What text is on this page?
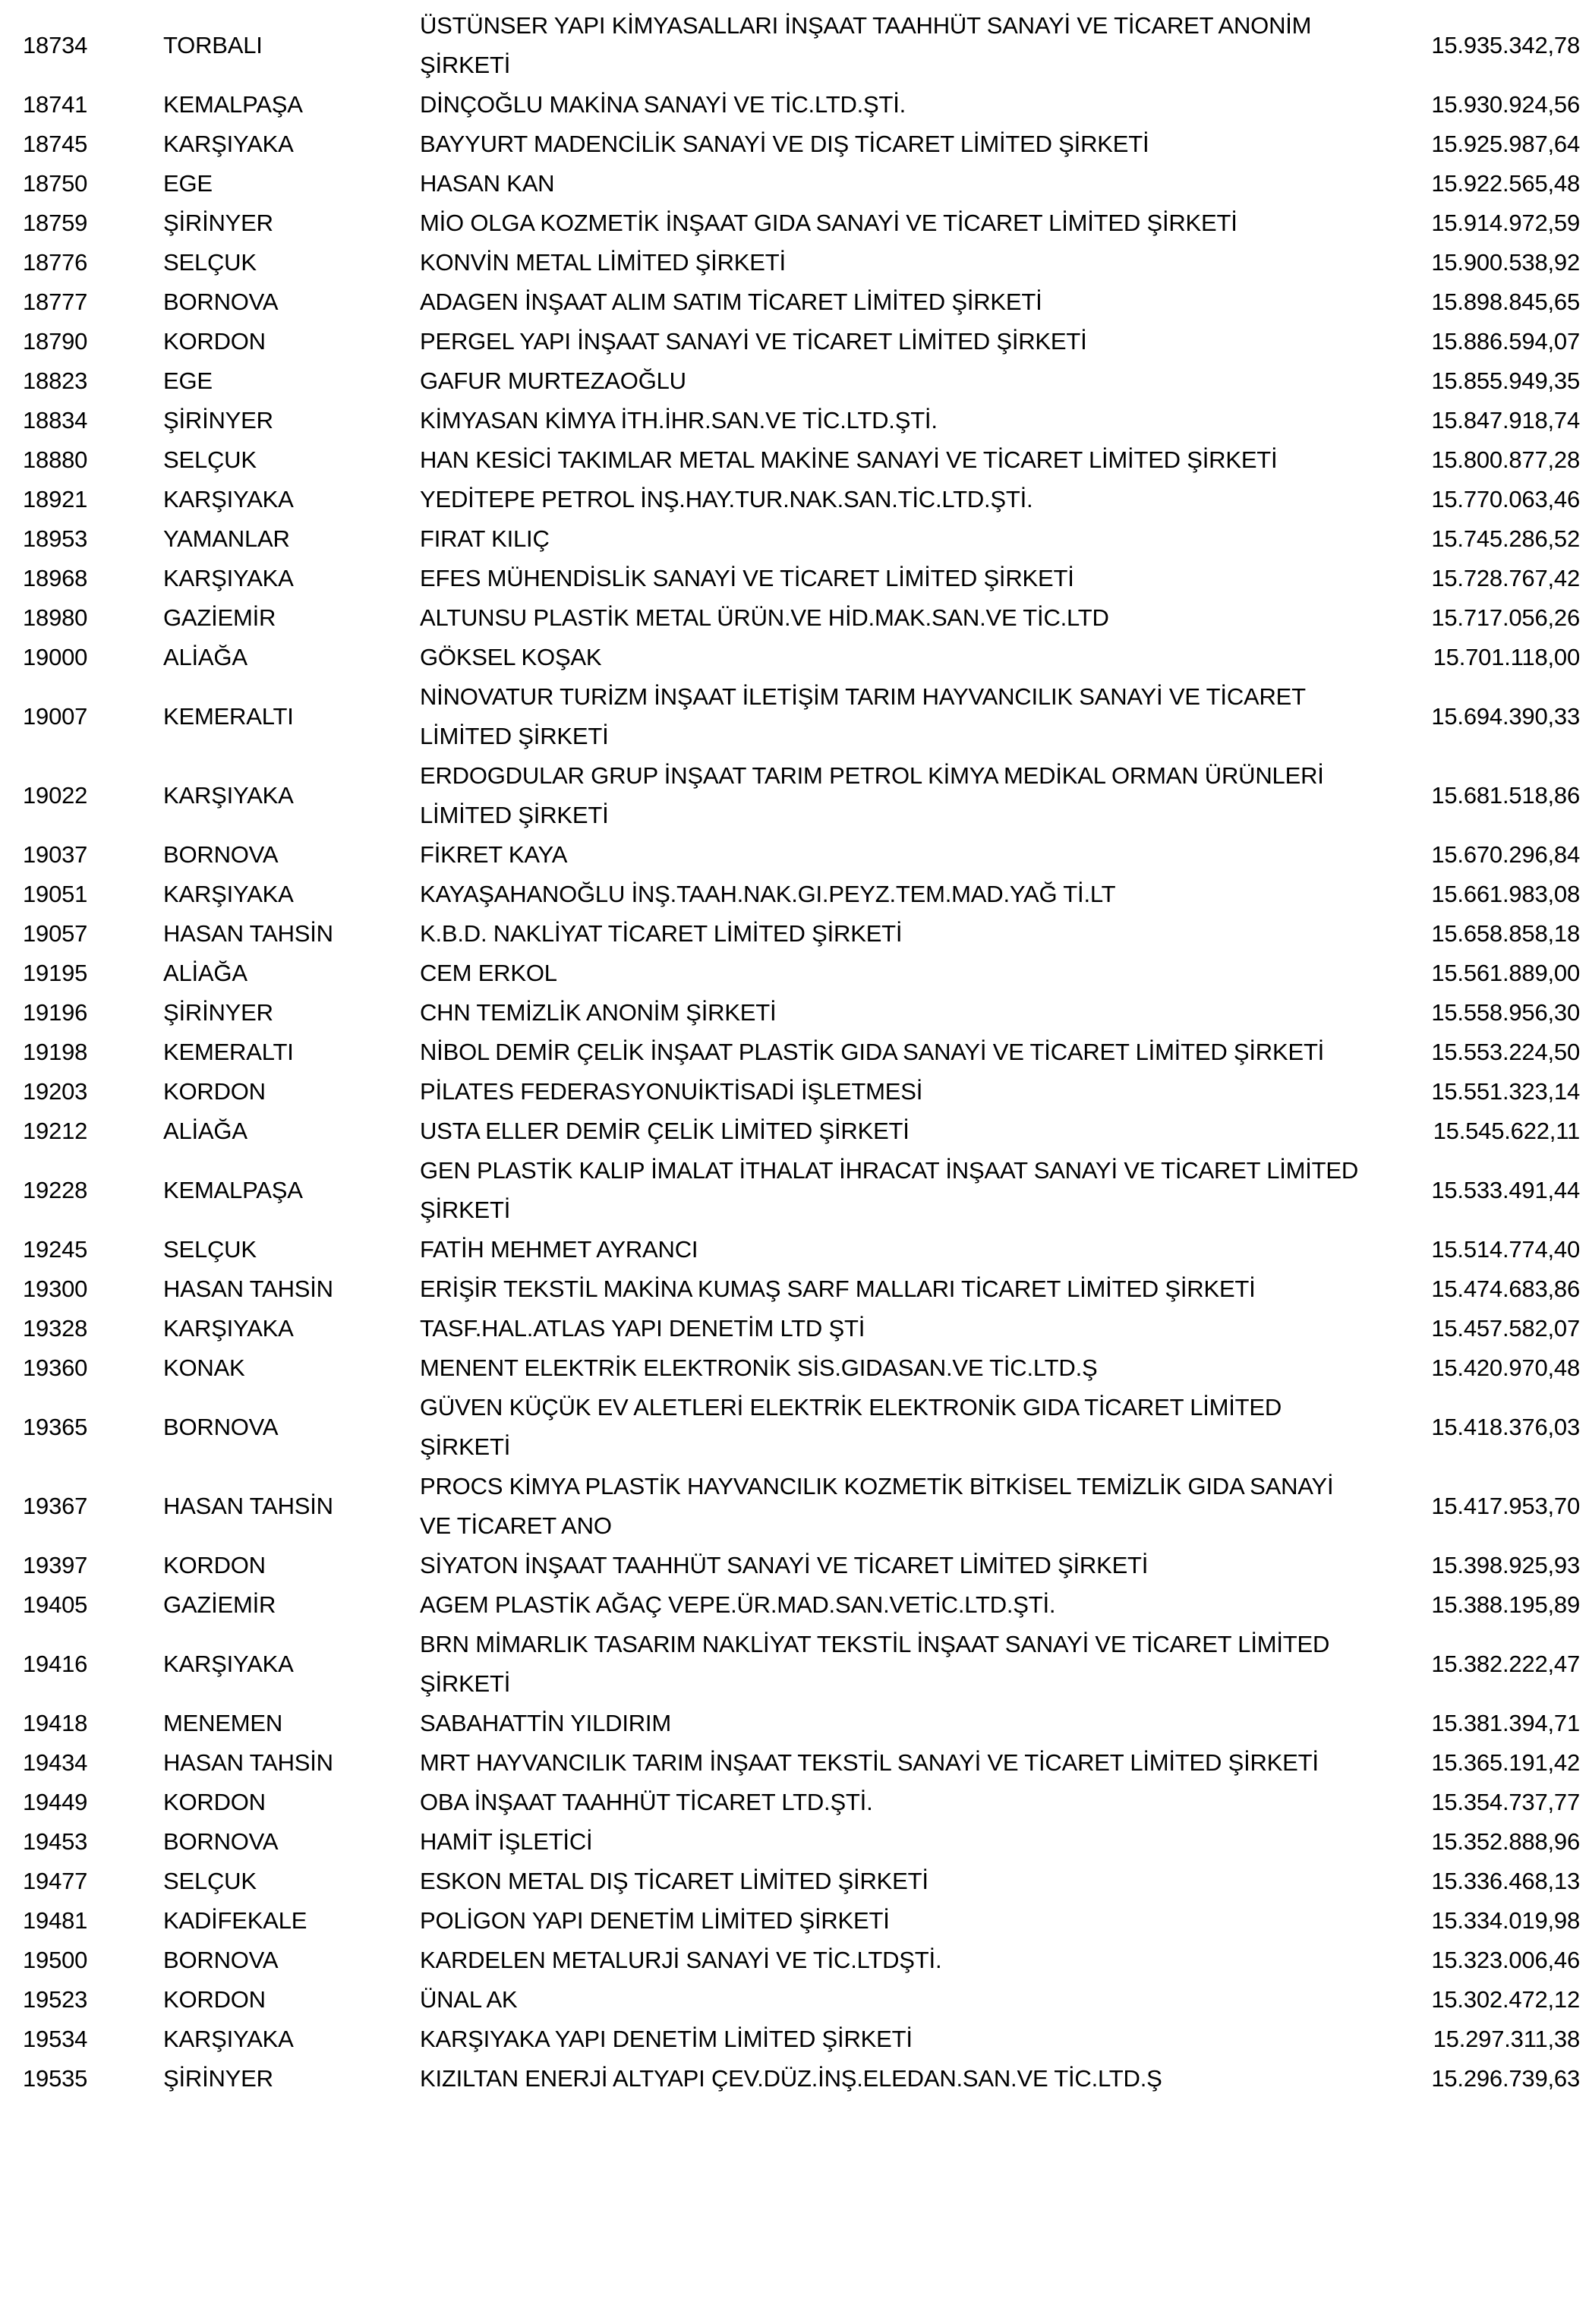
18734	TORBALI	ÜSTÜNSER YAPI KİMYASALLARI İNŞAAT TAAHHÜT SANAYİ VE TİCARET ANONİM ŞİRKETİ	15.935.342,78
18741	KEMALPAŞA	DİNÇOĞLU MAKİNA SANAYİ VE TİC.LTD.ŞTİ.	15.930.924,56
18745	KARŞIYAKA	BAYYURT MADENCİLİK SANAYİ VE DIŞ TİCARET LİMİTED ŞİRKETİ	15.925.987,64
18750	EGE	HASAN KAN	15.922.565,48
18759	ŞİRİNYER	MİO OLGA KOZMETİK İNŞAAT GIDA SANAYİ VE TİCARET LİMİTED ŞİRKETİ	15.914.972,59
18776	SELÇUK	KONVİN METAL LİMİTED ŞİRKETİ	15.900.538,92
18777	BORNOVA	ADAGEN İNŞAAT ALIM SATIM TİCARET LİMİTED ŞİRKETİ	15.898.845,65
18790	KORDON	PERGEL YAPI İNŞAAT SANAYİ VE TİCARET LİMİTED ŞİRKETİ	15.886.594,07
18823	EGE	GAFUR MURTEZAOĞLU	15.855.949,35
18834	ŞİRİNYER	KİMYASAN KİMYA İTH.İHR.SAN.VE TİC.LTD.ŞTİ.	15.847.918,74
18880	SELÇUK	HAN KESİCİ TAKIMLAR METAL MAKİNE SANAYİ VE TİCARET LİMİTED ŞİRKETİ	15.800.877,28
18921	KARŞIYAKA	YEDİTEPE PETROL İNŞ.HAY.TUR.NAK.SAN.TİC.LTD.ŞTİ.	15.770.063,46
18953	YAMANLAR	FIRAT KILIÇ	15.745.286,52
18968	KARŞIYAKA	EFES MÜHENDİSLİK SANAYİ VE TİCARET LİMİTED ŞİRKETİ	15.728.767,42
18980	GAZİEMİR	ALTUNSU PLASTİK METAL ÜRÜN.VE HİD.MAK.SAN.VE TİC.LTD	15.717.056,26
19000	ALİAĞA	GÖKSEL KOŞAK	15.701.118,00
19007	KEMERALTI	NİNOVATUR TURİZM İNŞAAT İLETİŞİM TARIM HAYVANCILIK SANAYİ VE TİCARET LİMİTED ŞİRKETİ	15.694.390,33
19022	KARŞIYAKA	ERDOGDULAR GRUP İNŞAAT TARIM PETROL KİMYA MEDİKAL ORMAN ÜRÜNLERİ LİMİTED ŞİRKETİ	15.681.518,86
19037	BORNOVA	FİKRET KAYA	15.670.296,84
19051	KARŞIYAKA	KAYAŞAHANOĞLU İNŞ.TAAH.NAK.GI.PEYZ.TEM.MAD.YAĞ Tİ.LT	15.661.983,08
19057	HASAN TAHSİN	K.B.D. NAKLİYAT TİCARET LİMİTED ŞİRKETİ	15.658.858,18
19195	ALİAĞA	CEM ERKOL	15.561.889,00
19196	ŞİRİNYER	CHN TEMİZLİK ANONİM ŞİRKETİ	15.558.956,30
19198	KEMERALTI	NİBOL DEMİR ÇELİK İNŞAAT PLASTİK GIDA SANAYİ VE TİCARET LİMİTED ŞİRKETİ	15.553.224,50
19203	KORDON	PİLATES FEDERASYONUİKTİSADİ İŞLETMESİ	15.551.323,14
19212	ALİAĞA	USTA ELLER DEMİR ÇELİK LİMİTED ŞİRKETİ	15.545.622,11
19228	KEMALPAŞA	GEN PLASTİK KALIP İMALAT İTHALAT İHRACAT İNŞAAT SANAYİ VE TİCARET LİMİTED ŞİRKETİ	15.533.491,44
19245	SELÇUK	FATİH MEHMET AYRANCI	15.514.774,40
19300	HASAN TAHSİN	ERİŞİR TEKSTİL MAKİNA KUMAŞ SARF MALLARI TİCARET LİMİTED ŞİRKETİ	15.474.683,86
19328	KARŞIYAKA	TASF.HAL.ATLAS YAPI DENETİM LTD ŞTİ	15.457.582,07
19360	KONAK	MENENT ELEKTRİK ELEKTRONİK SİS.GIDASAN.VE TİC.LTD.Ş	15.420.970,48
19365	BORNOVA	GÜVEN KÜÇÜK EV ALETLERİ ELEKTRİK ELEKTRONİK GIDA TİCARET LİMİTED ŞİRKETİ	15.418.376,03
19367	HASAN TAHSİN	PROCS KİMYA PLASTİK HAYVANCILIK KOZMETİK BİTKİSEL TEMİZLİK GIDA SANAYİ VE TİCARET ANO	15.417.953,70
19397	KORDON	SİYATON İNŞAAT TAAHHÜT SANAYİ VE TİCARET LİMİTED ŞİRKETİ	15.398.925,93
19405	GAZİEMİR	AGEM PLASTİK AĞAÇ VEPE.ÜR.MAD.SAN.VETİC.LTD.ŞTİ.	15.388.195,89
19416	KARŞIYAKA	BRN MİMARLIK TASARIM NAKLİYAT TEKSTİL İNŞAAT SANAYİ VE TİCARET LİMİTED ŞİRKETİ	15.382.222,47
19418	MENEMEN	SABAHATTİN YILDIRIM	15.381.394,71
19434	HASAN TAHSİN	MRT HAYVANCILIK TARIM İNŞAAT TEKSTİL SANAYİ VE TİCARET LİMİTED ŞİRKETİ	15.365.191,42
19449	KORDON	OBA İNŞAAT TAAHHÜT TİCARET LTD.ŞTİ.	15.354.737,77
19453	BORNOVA	HAMİT İŞLETİCİ	15.352.888,96
19477	SELÇUK	ESKON METAL DIŞ TİCARET LİMİTED ŞİRKETİ	15.336.468,13
19481	KADİFEKALE	POLİGON YAPI DENETİM LİMİTED ŞİRKETİ	15.334.019,98
19500	BORNOVA	KARDELEN METALURJİ SANAYİ VE TİC.LTDŞTİ.	15.323.006,46
19523	KORDON	ÜNAL AK	15.302.472,12
19534	KARŞIYAKA	KARŞIYAKA YAPI DENETİM LİMİTED ŞİRKETİ	15.297.311,38
19535	ŞİRİNYER	KIZILTAN ENERJİ ALTYAPI ÇEV.DÜZ.İNŞ.ELEDAN.SAN.VE TİC.LTD.Ş	15.296.739,63
